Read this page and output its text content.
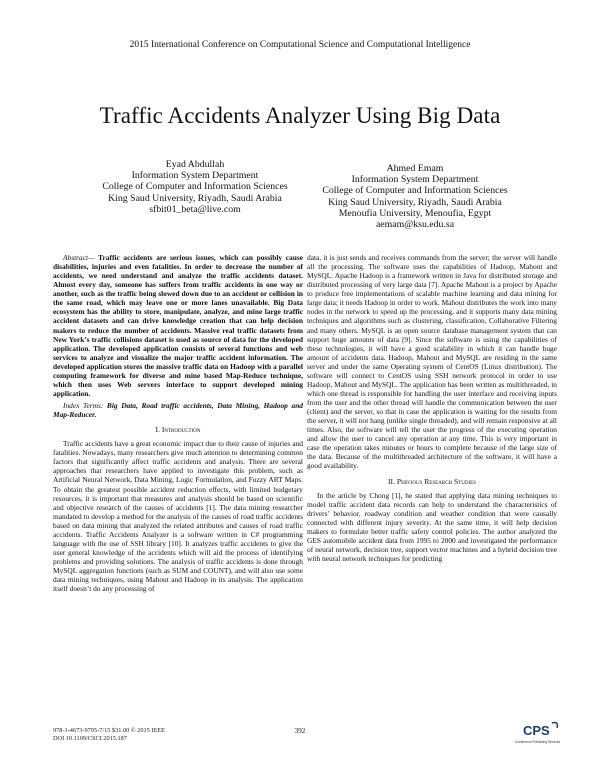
2015 International Conference on Computational Science and Computational Intelligence
Traffic Accidents Analyzer Using Big Data
Eyad Abdullah
Information System Department
College of Computer and Information Sciences
King Saud University, Riyadh, Saudi Arabia
sfbit01_beta@live.com
Ahmed Emam
Information System Department
College of Computer and Information Sciences
King Saud University, Riyadh, Saudi Arabia
Menoufia University, Menoufia, Egypt
aemam@ksu.edu.sa

Abstract— Traffic accidents are serious issues, which can possibly cause disabilities, injuries and even fatalities. In order to decrease the number of accidents, we need understand and analyze the traffic accidents dataset. Almost every day, someone has suffers from traffic accidents in one way or another, such as the traffic being slowed down due to an accident or collision in the same road, which may leave one or more lanes unavailable. Big Data ecosystem has the ability to store, manipulate, analyze, and mine large traffic accident datasets and can drive knowledge creation that can help decision makers to reduce the number of accidents. Massive real traffic datasets from New York’s traffic collisions dataset is used as source of data for the developed application. The developed application consists of several functions and web services to analyze and visualize the major traffic accident information. The developed application stores the massive traffic data on Hadoop with a parallel computing framework for diverse and mine based Map-Reduce technique, which then uses Web servers interface to support developed mining application.

Index Terms: Big Data, Road traffic accidents, Data Mining, Hadoop and Map-Reducer.

I. Introduction

Traffic accidents have a great economic impact due to their cause of injuries and fatalities. Nowadays, many researchers give much attention to determining common factors that significantly affect traffic accidents and analysis. There are several approaches that researchers have applied to investigate this problem, such as Artificial Neural Network, Data Mining, Logic Formulation, and Fuzzy ART Maps. To obtain the greatest possible accident reduction effects, with limited budgetary resources, it is important that measures and analysis should be based on scientific and objective research of the causes of accidents [1]. The data mining researcher mandated to develop a method for the analysis of the causes of road traffic accidents based on data mining that analyzed the related attributes and causes of road traffic accidents. Traffic Accidents Analyzer is a software written in C# programming language with the use of SSH library [10]. It analyzes traffic accidents to give the user general knowledge of the accidents which will aid the process of identifying problems and providing solutions. The analysis of traffic accidents is done through MySQL aggregation functions (such as SUM and COUNT), and will also use some data mining techniques, using Mahout and Hadoop in its analysis. The application itself doesn’t do any processing of

data, it is just sends and receives commands from the server; the server will handle all the processing. The software uses the capabilities of Hadoop, Mahout and MySQL. Apache Hadoop is a framework written in Java for distributed storage and distributed processing of very large data [7]. Apache Mahout is a project by Apache to produce free implementations of scalable machine learning and data mining for large data; it needs Hadoop in order to work. Mahout distributes the work into many nodes in the network to speed up the processing, and it supports many data mining techniques and algorithms such as clustering, classification, Collaborative Filtering and many others. MySQL is an open source database management system that can support huge amounts of data [9]. Since the software is using the capabilities of these technologies, it will have a good scalability in which it can handle huge amount of accidents data. Hadoop, Mahout and MySQL are residing in the same server and under the same Operating system of CentOS (Linux distribution). The software will connect to CentOS using SSH network protocol in order to use Hadoop, Mahout and MySQL. The application has been written as multithreaded, in which one thread is responsible for handling the user interface and receiving inputs from the user and the other thread will handle the communication between the user (client) and the server, so that in case the application is waiting for the results from the server, it will not hang (unlike single threaded), and will remain responsive at all times. Also, the software will tell the user the progress of the executing operation and allow the user to cancel any operation at any time. This is very important in case the operation takes minutes or hours to complete because of the large size of the data. Because of the multithreaded architecture of the software, it will have a good availability.

II. Pervious Research Studies

In the article by Chong [1], he stated that applying data mining techniques to model traffic accident data records can help to understand the characteristics of drivers’ behavior, roadway condition and weather condition that were causally connected with different injury severity. At the same time, it will help decision makers to formulate better traffic safety control policies. The author analyzed the GES automobile accident data from 1995 to 2000 and investigated the performance of neural network, decision tree, support vector machines and a hybrid decision tree with neural network techniques for predicting

978-1-4673-9795-7/15 $31.00 © 2015 IEEE
DOI 10.1109/CSCI.2015.187
392	CPS
Conference Publishing Services
